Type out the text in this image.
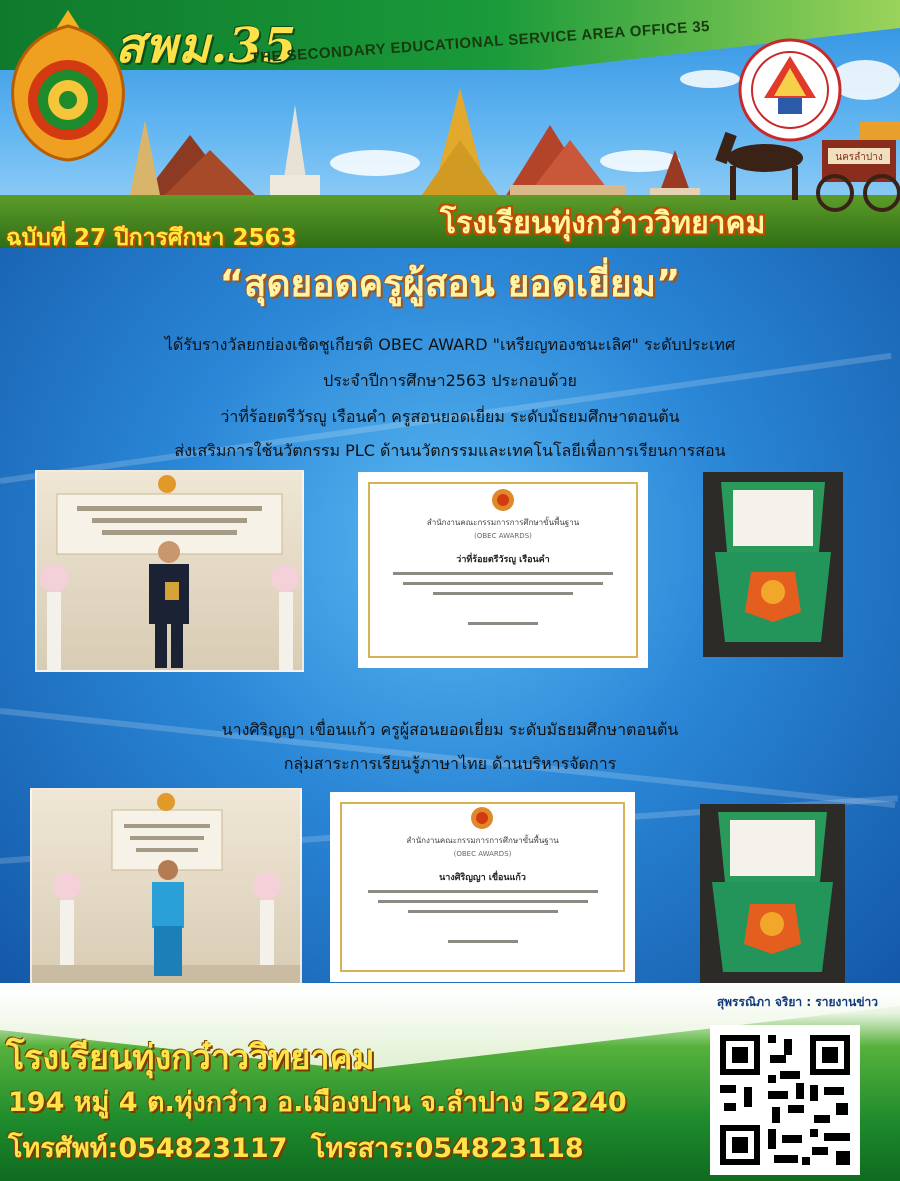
นครลำปาง
สพม.35
THE SECONDARY EDUCATIONAL SERVICE AREA OFFICE 35
โรงเรียนทุ่งกว๋าววิทยาคม
ฉบับที่ 27 ปีการศึกษา 2563
“สุดยอดครูผู้สอน ยอดเยี่ยม”
ได้รับรางวัลยกย่องเชิดชูเกียรติ OBEC AWARD "เหรียญทองชนะเลิศ" ระดับประเทศ
ประจำปีการศึกษา2563 ประกอบด้วย
ว่าที่ร้อยตรีวัรญู เรือนคำ ครูสอนยอดเยี่ยม ระดับมัธยมศึกษาตอนต้น
ส่งเสริมการใช้นวัตกรรม PLC ด้านนวัตกรรมและเทคโนโลยีเพื่อการเรียนการสอน
สำนักงานคณะกรรมการการศึกษาขั้นพื้นฐาน
(OBEC AWARDS)
ว่าที่ร้อยตรีวัรญู เรือนคำ
นางศิริญญา เขื่อนแก้ว ครูผู้สอนยอดเยี่ยม ระดับมัธยมศึกษาตอนต้น
กลุ่มสาระการเรียนรู้ภาษาไทย ด้านบริหารจัดการ
สำนักงานคณะกรรมการการศึกษาขั้นพื้นฐาน
(OBEC AWARDS)
นางศิริญญา เขื่อนแก้ว
สุพรรณิภา จริยา : รายงานข่าว
โรงเรียนทุ่งกว๋าววิทยาคม
194 หมู่ 4 ต.ทุ่งกว๋าว อ.เมืองปาน จ.ลำปาง 52240
โทรศัพท์:054823117 โทรสาร:054823118
